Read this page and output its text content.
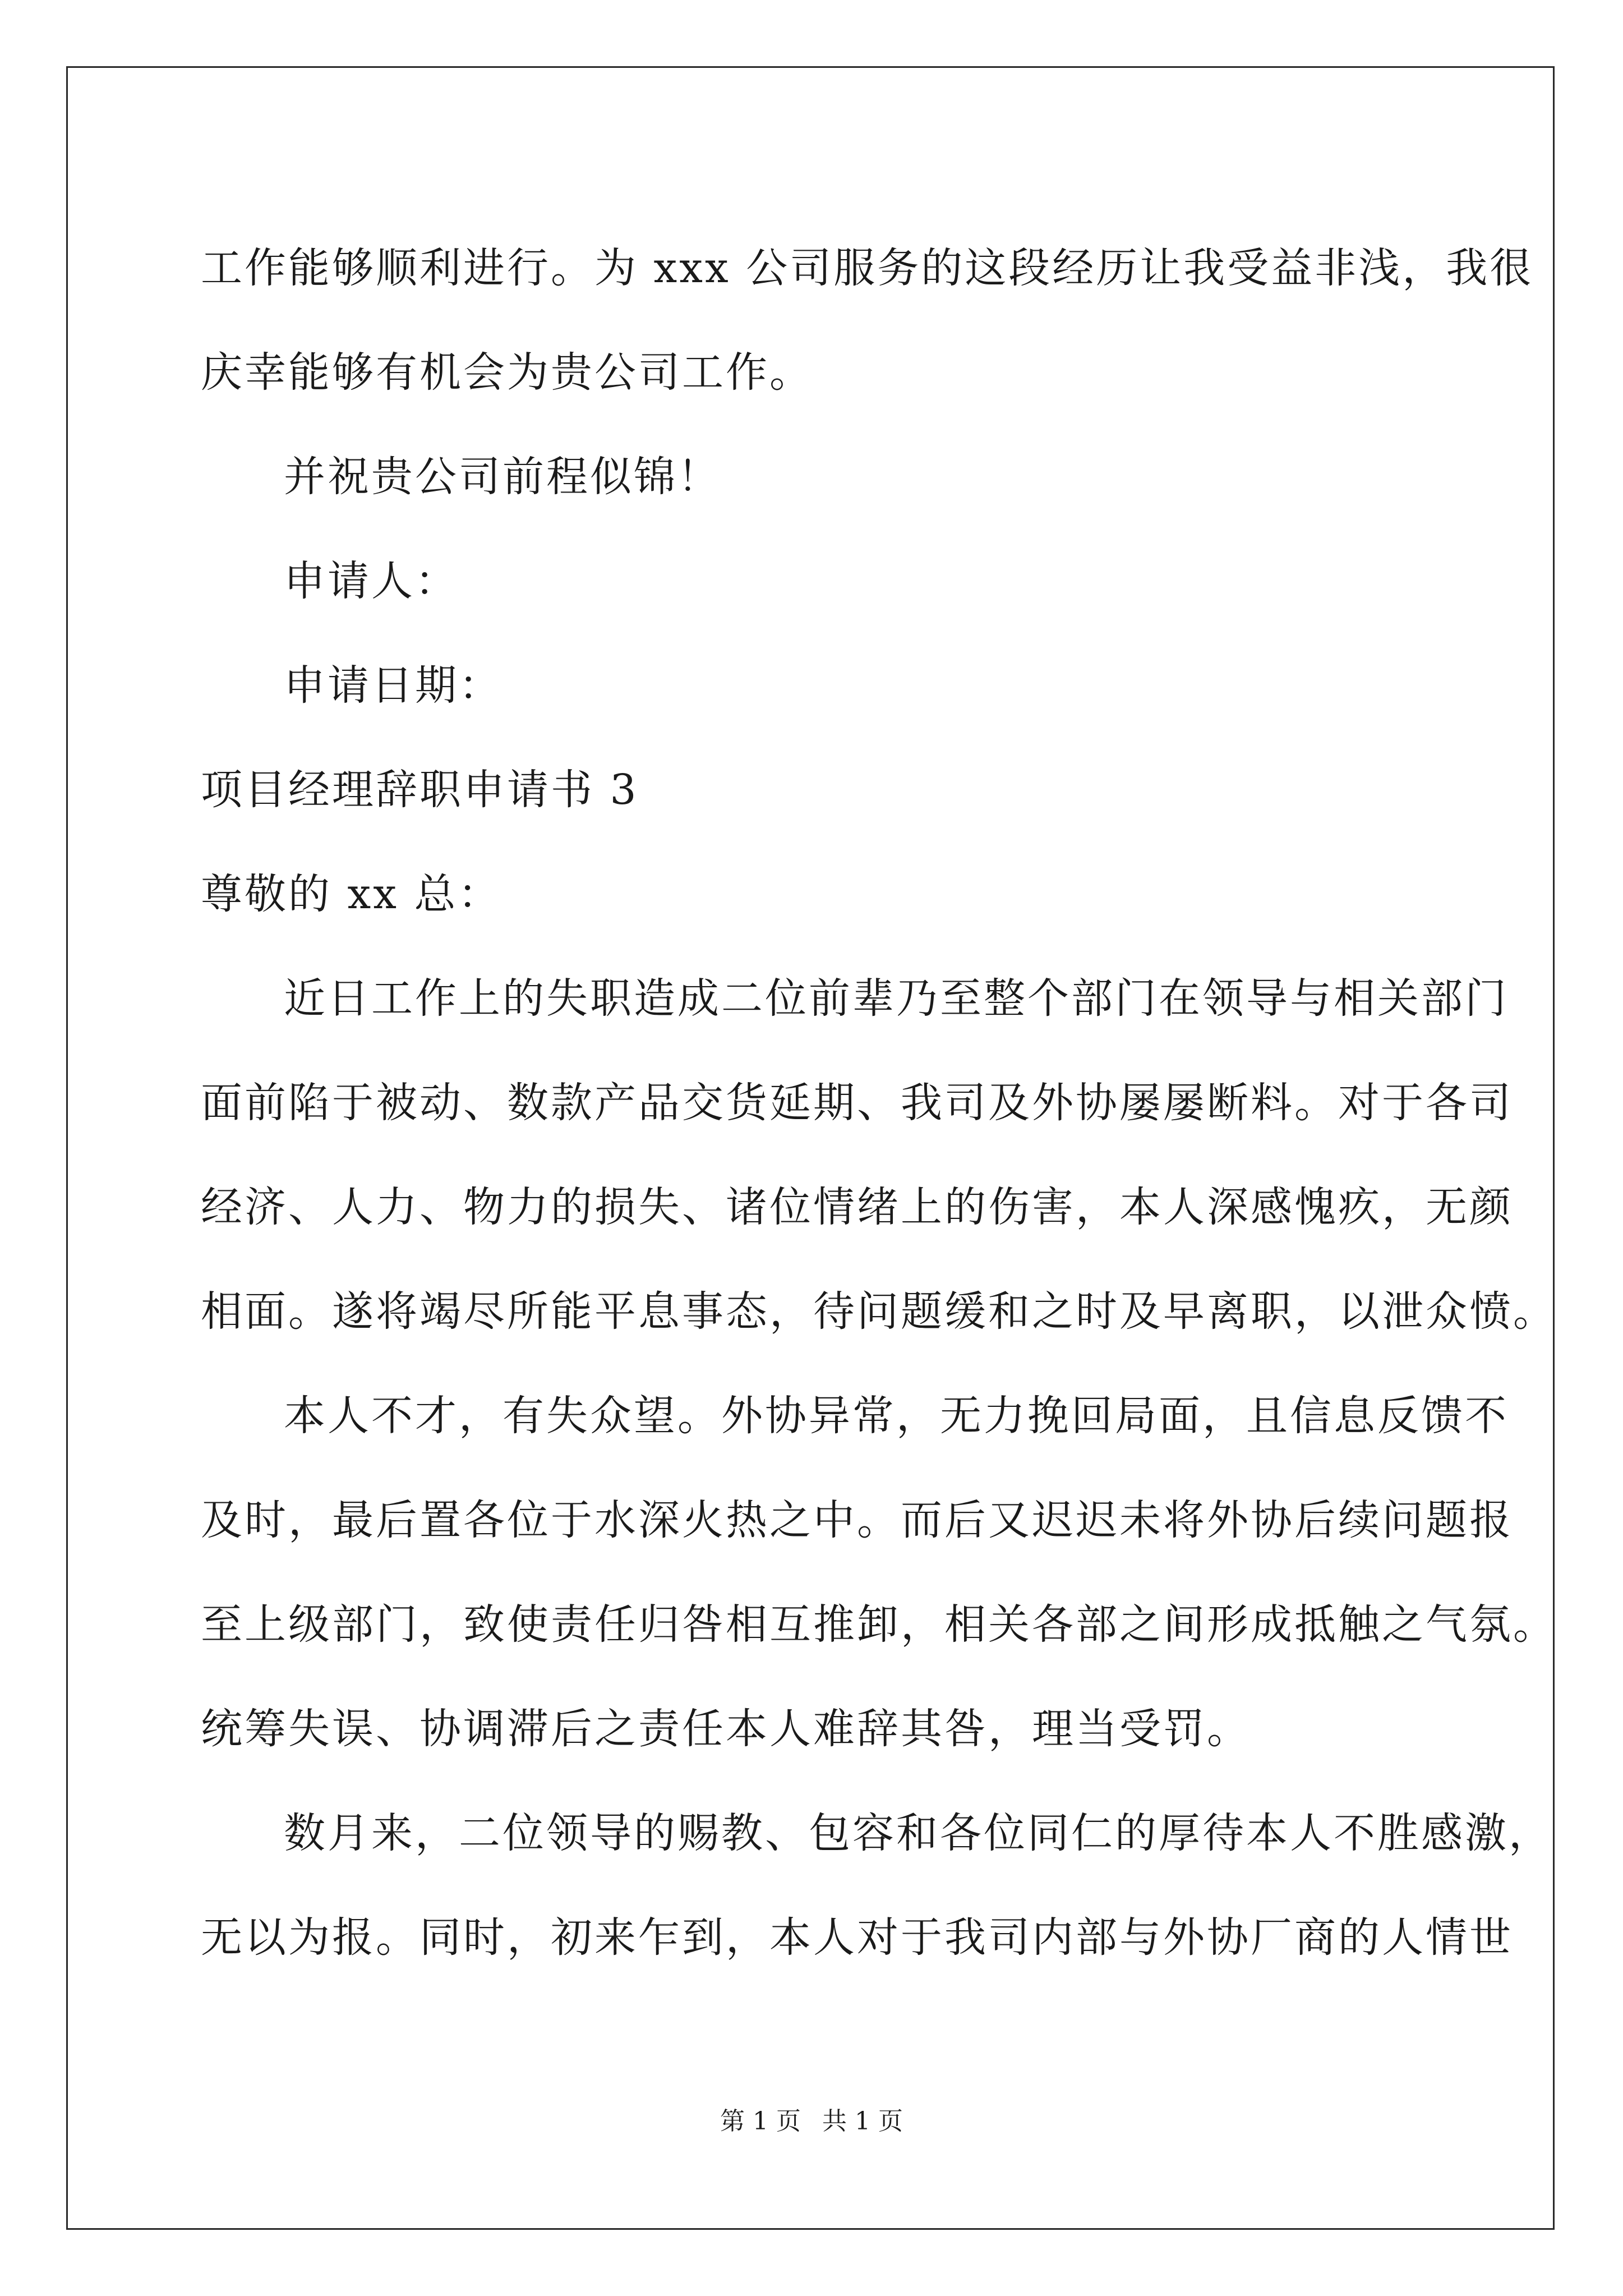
工作能够顺利进行。为 xxx 公司服务的这段经历让我受益非浅，我很
庆幸能够有机会为贵公司工作。
并祝贵公司前程似锦！
申请人：
申请日期：
项目经理辞职申请书 3
尊敬的 xx 总：
近日工作上的失职造成二位前辈乃至整个部门在领导与相关部门
面前陷于被动、数款产品交货延期、我司及外协屡屡断料。对于各司
经济、人力、物力的损失、诸位情绪上的伤害，本人深感愧疚，无颜
相面。遂将竭尽所能平息事态，待问题缓和之时及早离职，以泄众愤。
本人不才，有失众望。外协异常，无力挽回局面，且信息反馈不
及时，最后置各位于水深火热之中。而后又迟迟未将外协后续问题报
至上级部门，致使责任归咎相互推卸，相关各部之间形成抵触之气氛。
统筹失误、协调滞后之责任本人难辞其咎，理当受罚。
数月来，二位领导的赐教、包容和各位同仁的厚待本人不胜感激，
无以为报。同时，初来乍到，本人对于我司内部与外协厂商的人情世
第 1 页 共 1 页
